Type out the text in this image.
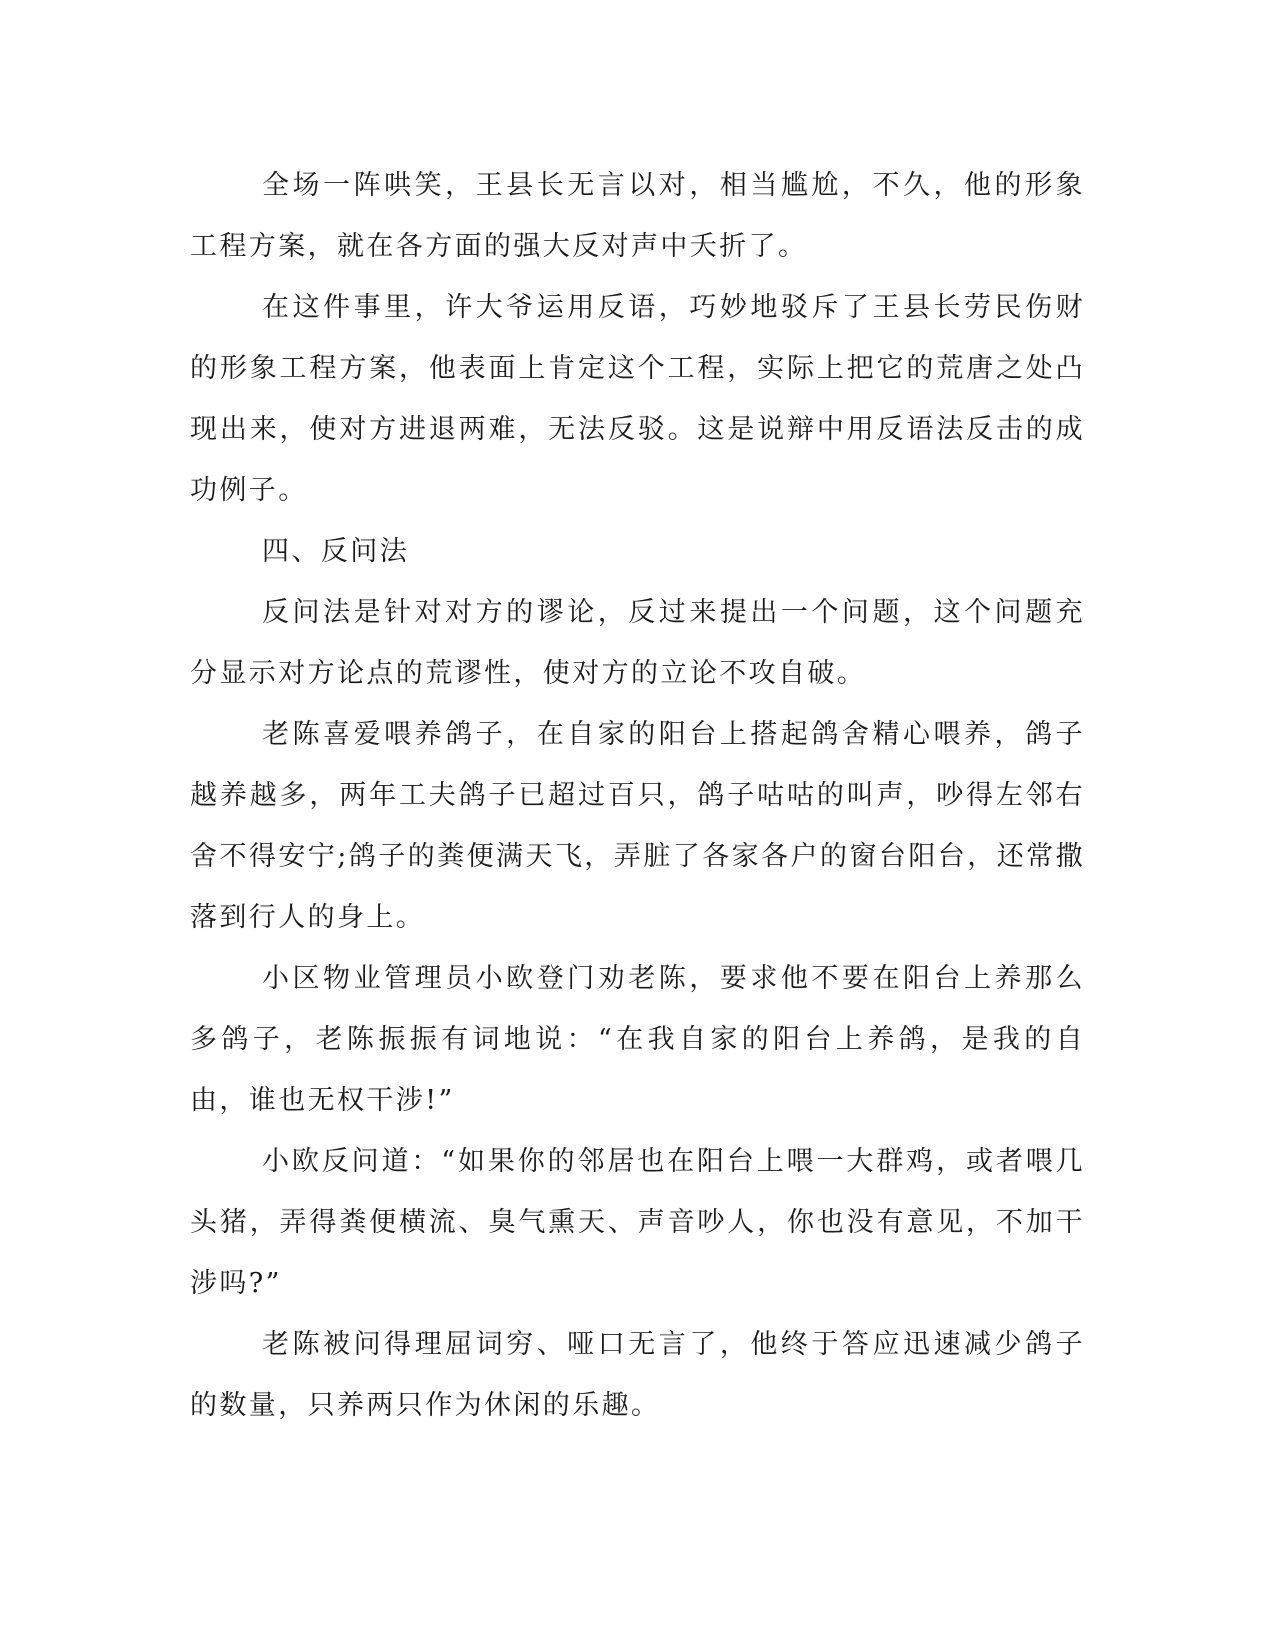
全场一阵哄笑，王县长无言以对，相当尴尬，不久，他的形象工程方案，就在各方面的强大反对声中夭折了。

在这件事里，许大爷运用反语，巧妙地驳斥了王县长劳民伤财的形象工程方案，他表面上肯定这个工程，实际上把它的荒唐之处凸现出来，使对方进退两难，无法反驳。这是说辩中用反语法反击的成功例子。

四、反问法

反问法是针对对方的谬论，反过来提出一个问题，这个问题充分显示对方论点的荒谬性，使对方的立论不攻自破。

老陈喜爱喂养鸽子，在自家的阳台上搭起鸽舍精心喂养，鸽子越养越多，两年工夫鸽子已超过百只，鸽子咕咕的叫声，吵得左邻右舍不得安宁;鸽子的粪便满天飞，弄脏了各家各户的窗台阳台，还常撒落到行人的身上。

小区物业管理员小欧登门劝老陈，要求他不要在阳台上养那么多鸽子，老陈振振有词地说：“在我自家的阳台上养鸽，是我的自由，谁也无权干涉!”

小欧反问道：“如果你的邻居也在阳台上喂一大群鸡，或者喂几头猪，弄得粪便横流、臭气熏天、声音吵人，你也没有意见，不加干涉吗?”

老陈被问得理屈词穷、哑口无言了，他终于答应迅速减少鸽子的数量，只养两只作为休闲的乐趣。
